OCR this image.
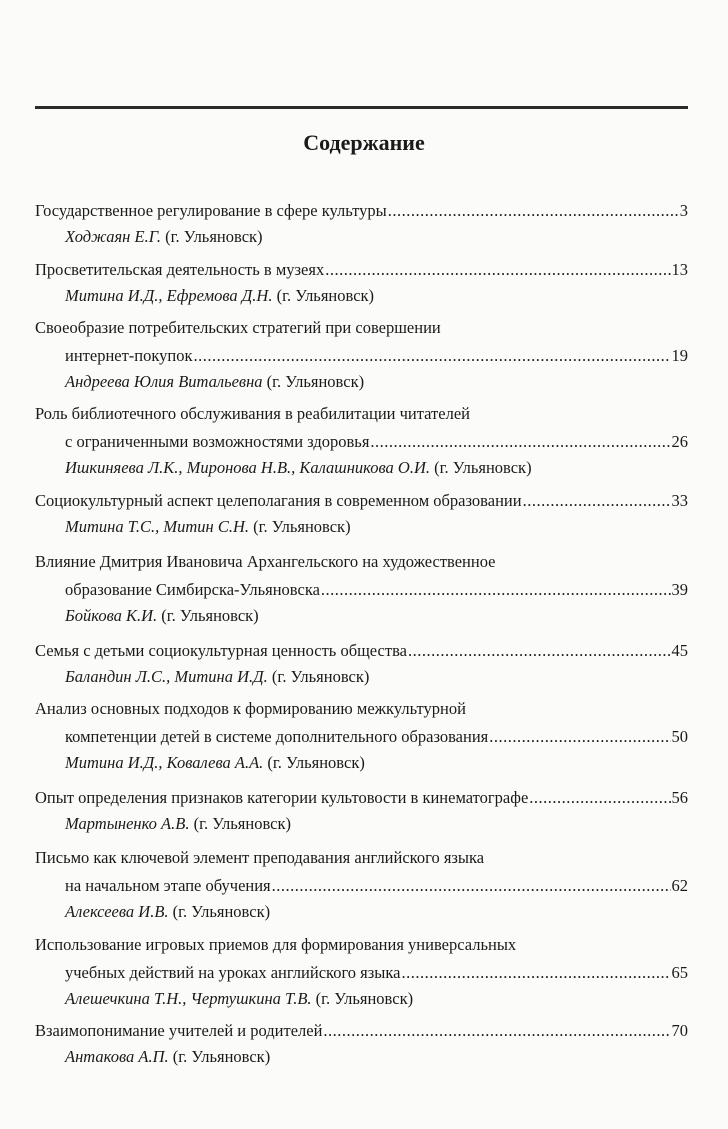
Содержание
Государственное регулирование в сфере культуры .....	3
Ходжаян Е.Г. (г. Ульяновск)
Просветительская деятельность в музеях .....	13
Митина И.Д., Ефремова Д.Н. (г. Ульяновск)
Своеобразие потребительских стратегий при совершении
интернет-покупок .....	19
Андреева Юлия Витальевна (г. Ульяновск)
Роль библиотечного обслуживания в реабилитации читателей
с ограниченными возможностями здоровья .....	26
Ишкиняева Л.К., Миронова Н.В., Калашникова О.И. (г. Ульяновск)
Социокультурный аспект целеполагания в современном образовании .....	33
Митина Т.С., Митин С.Н. (г. Ульяновск)
Влияние Дмитрия Ивановича Архангельского на художественное
образование Симбирска-Ульяновска .....	39
Бойкова К.И. (г. Ульяновск)
Семья с детьми социокультурная ценность общества .....	45
Баландин Л.С., Митина И.Д. (г. Ульяновск)
Анализ основных подходов к формированию межкультурной
компетенции детей в системе дополнительного образования .....	50
Митина И.Д., Ковалева А.А. (г. Ульяновск)
Опыт определения признаков категории культовости в кинематографе .....	56
Мартыненко А.В. (г. Ульяновск)
Письмо как ключевой элемент преподавания английского языка
на начальном этапе обучения .....	62
Алексеева И.В. (г. Ульяновск)
Использование игровых приемов для формирования универсальных
учебных действий на уроках английского языка .....	65
Алешечкина Т.Н., Чертушкина Т.В. (г. Ульяновск)
Взаимопонимание учителей и родителей .....	70
Антакова А.П. (г. Ульяновск)
